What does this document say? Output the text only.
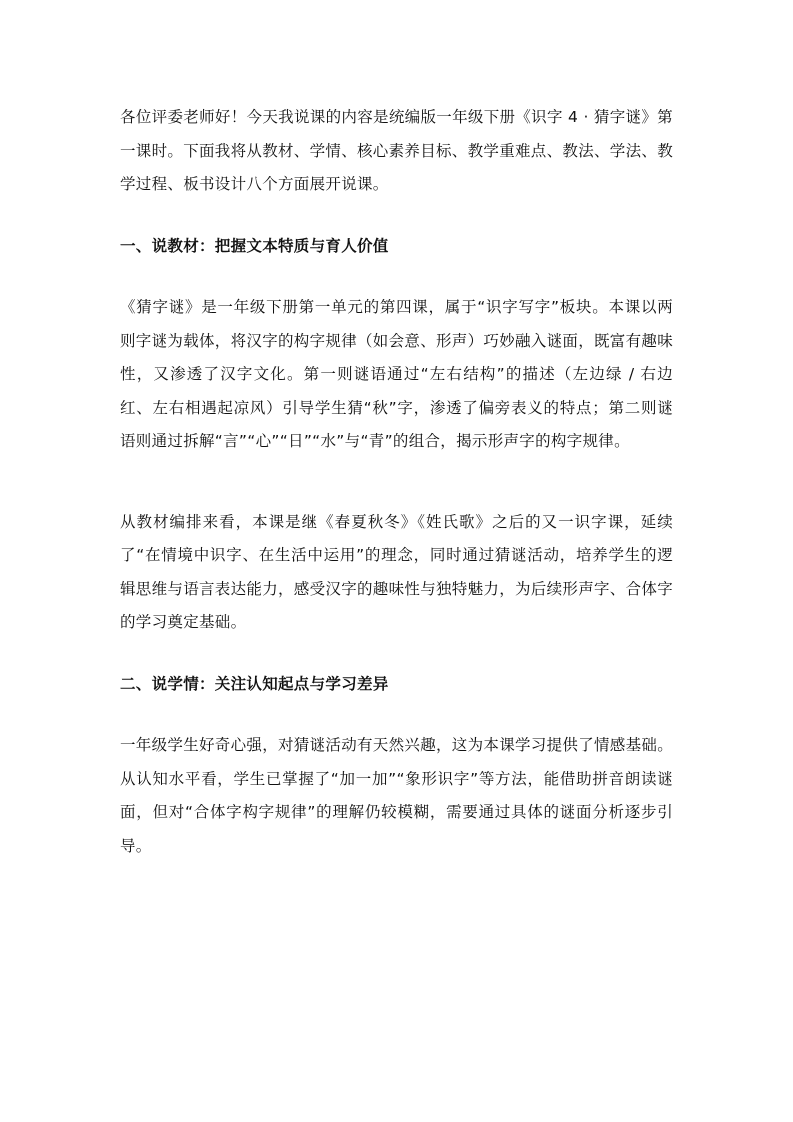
各位评委老师好！今天我说课的内容是统编版一年级下册《识字 4 · 猜字谜》第一课时。下面我将从教材、学情、核心素养目标、教学重难点、教法、学法、教学过程、板书设计八个方面展开说课。

一、说教材：把握文本特质与育人价值

《猜字谜》是一年级下册第一单元的第四课，属于“识字写字”板块。本课以两则字谜为载体，将汉字的构字规律（如会意、形声）巧妙融入谜面，既富有趣味性，又渗透了汉字文化。第一则谜语通过“左右结构”的描述（左边绿 / 右边红、左右相遇起凉风）引导学生猜“秋”字，渗透了偏旁表义的特点；第二则谜语则通过拆解“言”“心”“日”“水”与“青”的组合，揭示形声字的构字规律。

从教材编排来看，本课是继《春夏秋冬》《姓氏歌》之后的又一识字课，延续了“在情境中识字、在生活中运用”的理念，同时通过猜谜活动，培养学生的逻辑思维与语言表达能力，感受汉字的趣味性与独特魅力，为后续形声字、合体字的学习奠定基础。

二、说学情：关注认知起点与学习差异

一年级学生好奇心强，对猜谜活动有天然兴趣，这为本课学习提供了情感基础。从认知水平看，学生已掌握了“加一加”“象形识字”等方法，能借助拼音朗读谜面，但对“合体字构字规律”的理解仍较模糊，需要通过具体的谜面分析逐步引导。
